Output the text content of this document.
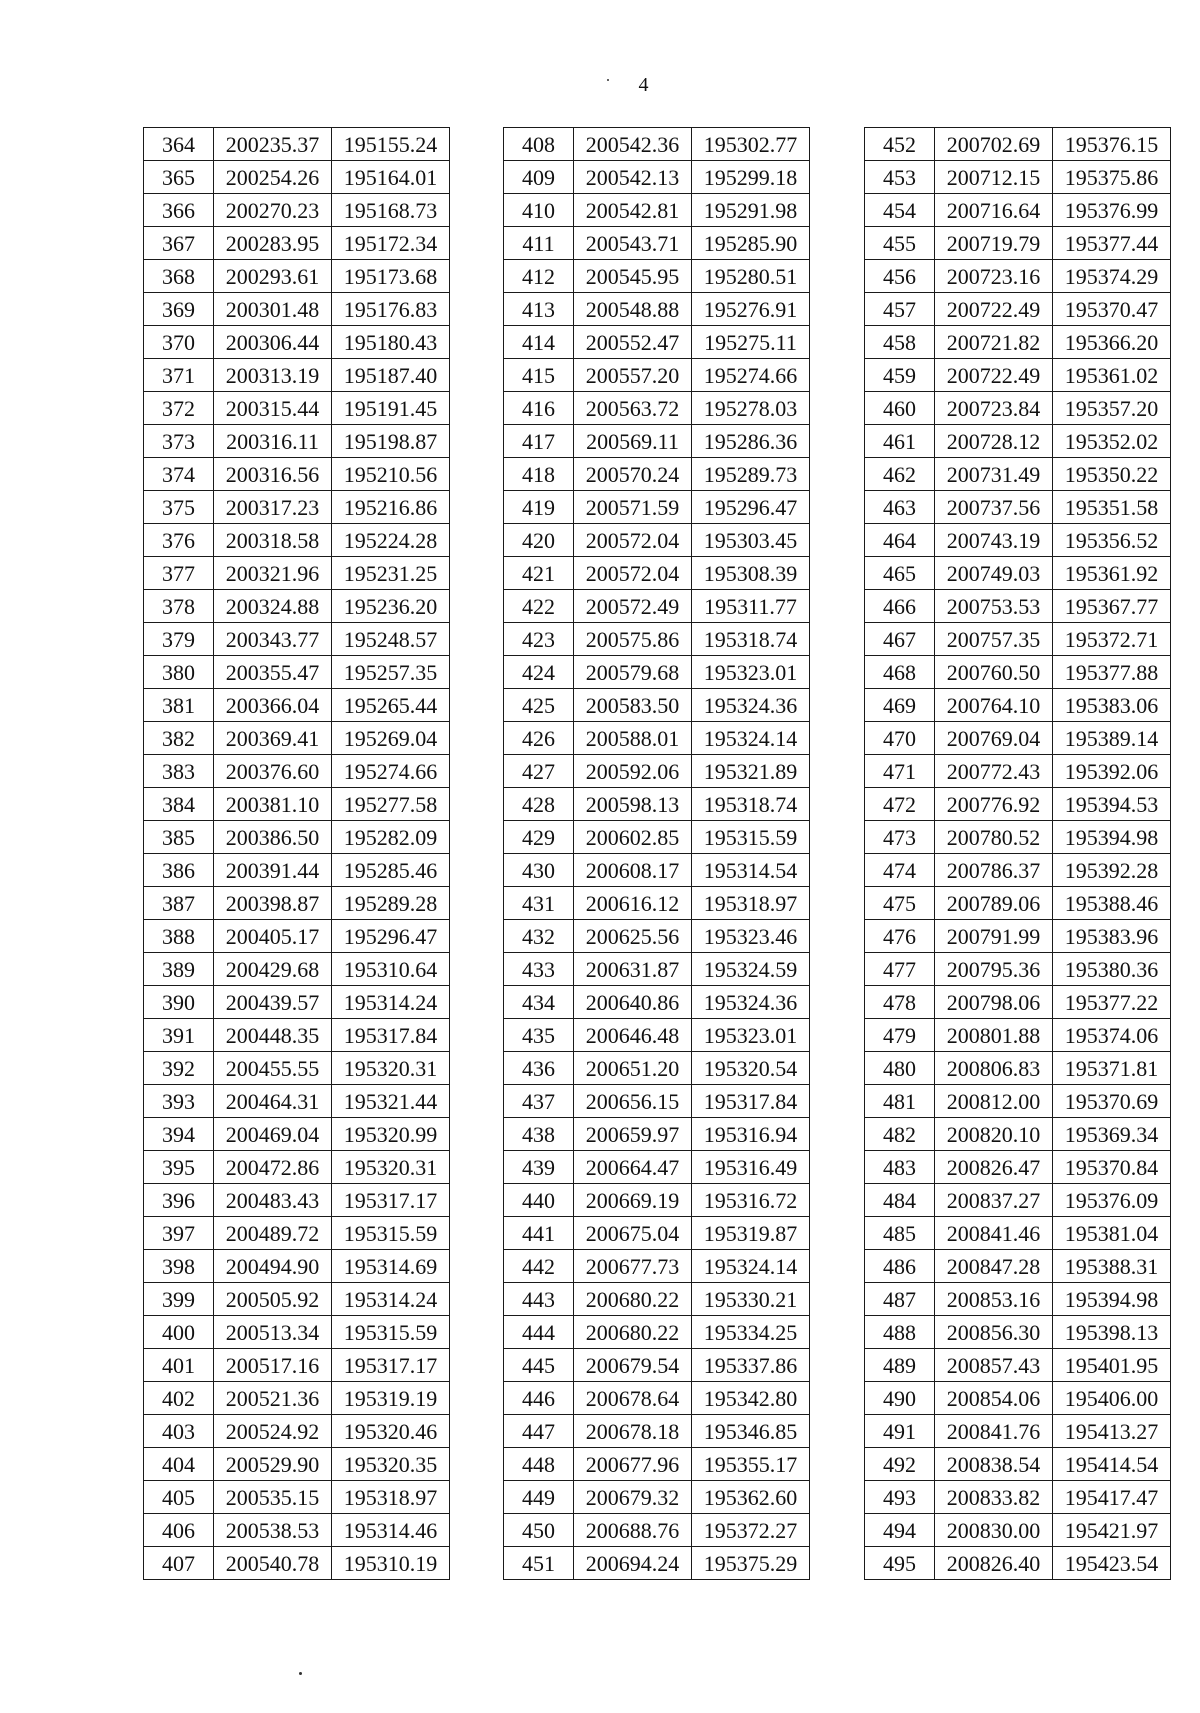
4
364	200235.37	195155.24
365	200254.26	195164.01
366	200270.23	195168.73
367	200283.95	195172.34
368	200293.61	195173.68
369	200301.48	195176.83
370	200306.44	195180.43
371	200313.19	195187.40
372	200315.44	195191.45
373	200316.11	195198.87
374	200316.56	195210.56
375	200317.23	195216.86
376	200318.58	195224.28
377	200321.96	195231.25
378	200324.88	195236.20
379	200343.77	195248.57
380	200355.47	195257.35
381	200366.04	195265.44
382	200369.41	195269.04
383	200376.60	195274.66
384	200381.10	195277.58
385	200386.50	195282.09
386	200391.44	195285.46
387	200398.87	195289.28
388	200405.17	195296.47
389	200429.68	195310.64
390	200439.57	195314.24
391	200448.35	195317.84
392	200455.55	195320.31
393	200464.31	195321.44
394	200469.04	195320.99
395	200472.86	195320.31
396	200483.43	195317.17
397	200489.72	195315.59
398	200494.90	195314.69
399	200505.92	195314.24
400	200513.34	195315.59
401	200517.16	195317.17
402	200521.36	195319.19
403	200524.92	195320.46
404	200529.90	195320.35
405	200535.15	195318.97
406	200538.53	195314.46
407	200540.78	195310.19
408	200542.36	195302.77
409	200542.13	195299.18
410	200542.81	195291.98
411	200543.71	195285.90
412	200545.95	195280.51
413	200548.88	195276.91
414	200552.47	195275.11
415	200557.20	195274.66
416	200563.72	195278.03
417	200569.11	195286.36
418	200570.24	195289.73
419	200571.59	195296.47
420	200572.04	195303.45
421	200572.04	195308.39
422	200572.49	195311.77
423	200575.86	195318.74
424	200579.68	195323.01
425	200583.50	195324.36
426	200588.01	195324.14
427	200592.06	195321.89
428	200598.13	195318.74
429	200602.85	195315.59
430	200608.17	195314.54
431	200616.12	195318.97
432	200625.56	195323.46
433	200631.87	195324.59
434	200640.86	195324.36
435	200646.48	195323.01
436	200651.20	195320.54
437	200656.15	195317.84
438	200659.97	195316.94
439	200664.47	195316.49
440	200669.19	195316.72
441	200675.04	195319.87
442	200677.73	195324.14
443	200680.22	195330.21
444	200680.22	195334.25
445	200679.54	195337.86
446	200678.64	195342.80
447	200678.18	195346.85
448	200677.96	195355.17
449	200679.32	195362.60
450	200688.76	195372.27
451	200694.24	195375.29
452	200702.69	195376.15
453	200712.15	195375.86
454	200716.64	195376.99
455	200719.79	195377.44
456	200723.16	195374.29
457	200722.49	195370.47
458	200721.82	195366.20
459	200722.49	195361.02
460	200723.84	195357.20
461	200728.12	195352.02
462	200731.49	195350.22
463	200737.56	195351.58
464	200743.19	195356.52
465	200749.03	195361.92
466	200753.53	195367.77
467	200757.35	195372.71
468	200760.50	195377.88
469	200764.10	195383.06
470	200769.04	195389.14
471	200772.43	195392.06
472	200776.92	195394.53
473	200780.52	195394.98
474	200786.37	195392.28
475	200789.06	195388.46
476	200791.99	195383.96
477	200795.36	195380.36
478	200798.06	195377.22
479	200801.88	195374.06
480	200806.83	195371.81
481	200812.00	195370.69
482	200820.10	195369.34
483	200826.47	195370.84
484	200837.27	195376.09
485	200841.46	195381.04
486	200847.28	195388.31
487	200853.16	195394.98
488	200856.30	195398.13
489	200857.43	195401.95
490	200854.06	195406.00
491	200841.76	195413.27
492	200838.54	195414.54
493	200833.82	195417.47
494	200830.00	195421.97
495	200826.40	195423.54
